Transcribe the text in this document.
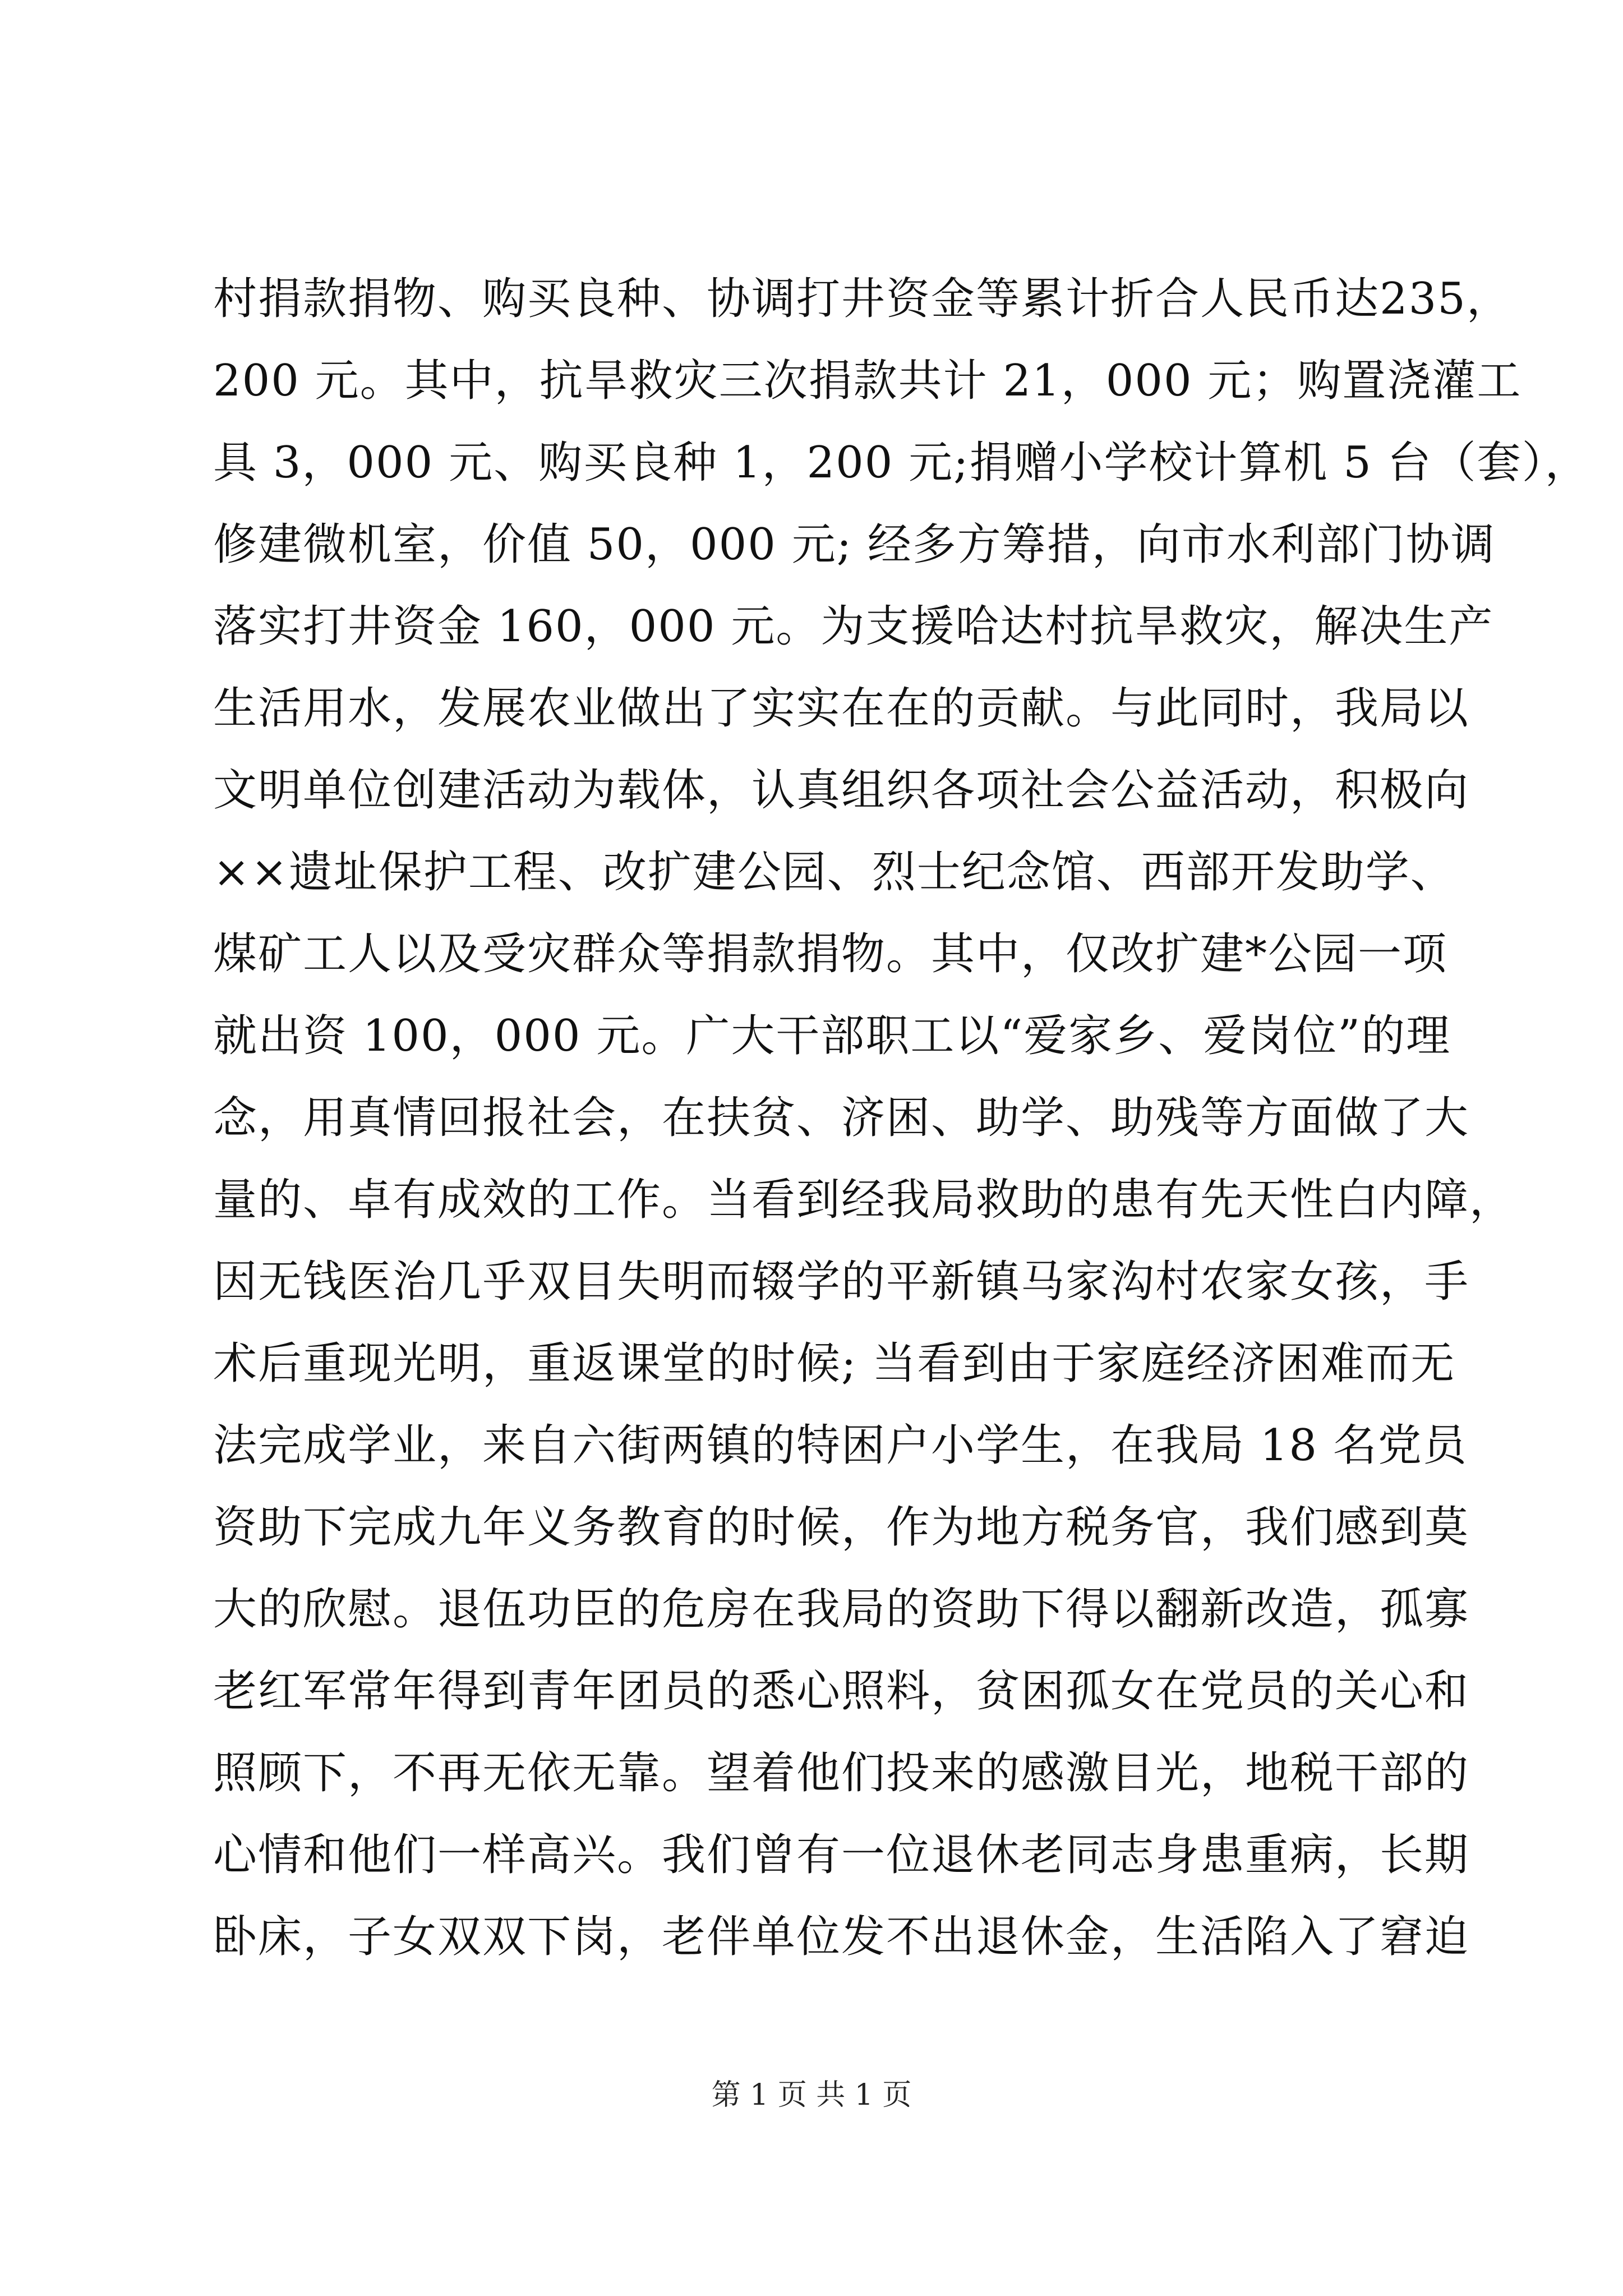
村捐款捐物、购买良种、协调打井资金等累计折合人民币达235，
200 元。其中，抗旱救灾三次捐款共计 21，000 元；购置浇灌工
具 3，000 元、购买良种 1，200 元;捐赠小学校计算机 5 台（套），
修建微机室，价值 50，000 元; 经多方筹措，向市水利部门协调
落实打井资金 160，000 元。为支援哈达村抗旱救灾，解决生产
生活用水，发展农业做出了实实在在的贡献。与此同时，我局以
文明单位创建活动为载体，认真组织各项社会公益活动，积极向
××遗址保护工程、改扩建公园、烈士纪念馆、西部开发助学、
煤矿工人以及受灾群众等捐款捐物。其中，仅改扩建*公园一项
就出资 100，000 元。广大干部职工以“爱家乡、爱岗位”的理
念，用真情回报社会，在扶贫、济困、助学、助残等方面做了大
量的、卓有成效的工作。当看到经我局救助的患有先天性白内障，
因无钱医治几乎双目失明而辍学的平新镇马家沟村农家女孩，手
术后重现光明，重返课堂的时候; 当看到由于家庭经济困难而无
法完成学业，来自六街两镇的特困户小学生，在我局 18 名党员
资助下完成九年义务教育的时候，作为地方税务官，我们感到莫
大的欣慰。退伍功臣的危房在我局的资助下得以翻新改造，孤寡
老红军常年得到青年团员的悉心照料，贫困孤女在党员的关心和
照顾下，不再无依无靠。望着他们投来的感激目光，地税干部的
心情和他们一样高兴。我们曾有一位退休老同志身患重病，长期
卧床，子女双双下岗，老伴单位发不出退休金，生活陷入了窘迫
第 1 页 共 1 页
